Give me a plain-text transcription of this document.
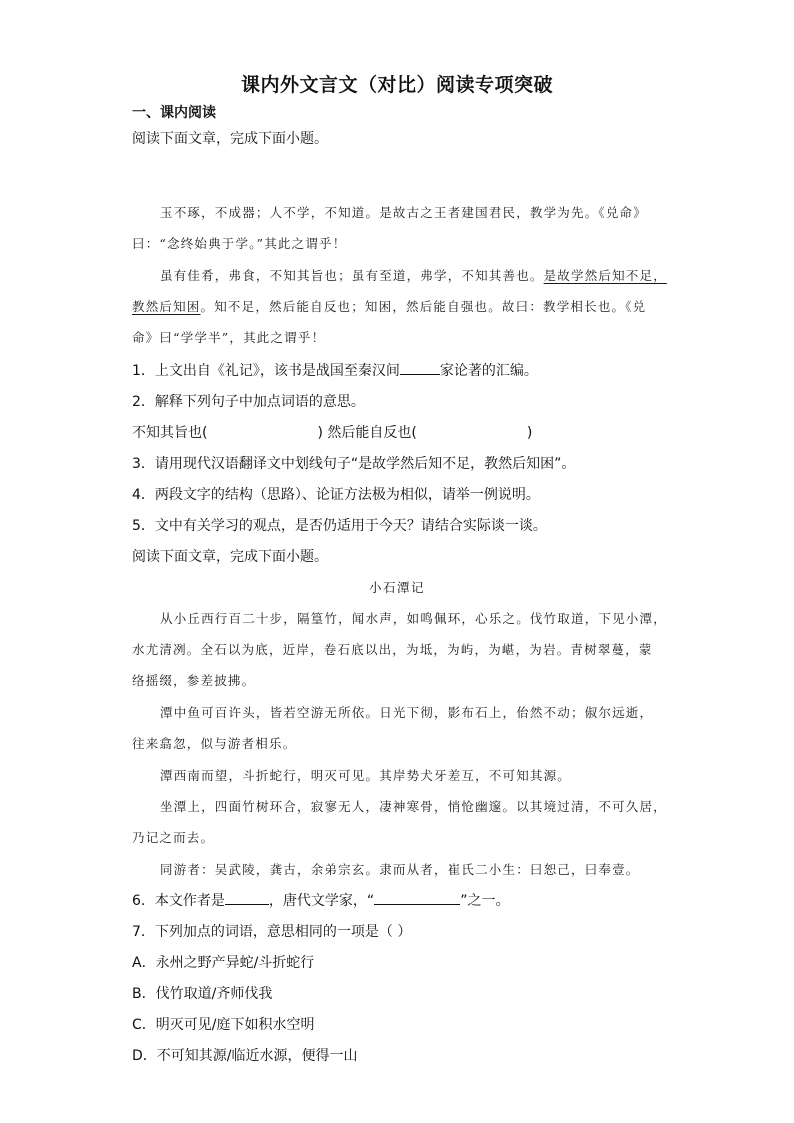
课内外文言文（对比）阅读专项突破
一、课内阅读
阅读下面文章，完成下面小题。
玉不琢，不成器；人不学，不知道。是故古之王者建国君民，教学为先。《兑命》
曰：“念终始典于学。”其此之谓乎！
虽有佳肴，弗食，不知其旨也；虽有至道，弗学，不知其善也。是故学然后知不足，
教然后知困。知不足，然后能自反也；知困，然后能自强也。故曰：教学相长也。《兑
命》曰“学学半”，其此之谓乎！
1．上文出自《礼记》，该书是战国至秦汉间	家论著的汇编。
2．解释下列句子中加点词语的意思。
不知其旨也(	) 然后能自反也(	)
3．请用现代汉语翻译文中划线句子“是故学然后知不足，教然后知困”。
4．两段文字的结构（思路）、论证方法极为相似，请举一例说明。
5．文中有关学习的观点，是否仍适用于今天？请结合实际谈一谈。
阅读下面文章，完成下面小题。
小石潭记
从小丘西行百二十步，隔篁竹，闻水声，如鸣佩环，心乐之。伐竹取道，下见小潭，
水尤清冽。全石以为底，近岸，卷石底以出，为坻，为屿，为嵁，为岩。青树翠蔓，蒙
络摇缀，参差披拂。
潭中鱼可百许头，皆若空游无所依。日光下彻，影布石上，佁然不动；俶尔远逝，
往来翕忽，似与游者相乐。
潭西南而望，斗折蛇行，明灭可见。其岸势犬牙差互，不可知其源。
坐潭上，四面竹树环合，寂寥无人，凄神寒骨，悄怆幽邃。以其境过清，不可久居，
乃记之而去。
同游者：吴武陵，龚古，余弟宗玄。隶而从者，崔氏二小生：曰恕己，曰奉壹。
6．本文作者是	，唐代文学家，“	”之一。
7．下列加点的词语，意思相同的一项是（ ）
A．永州之野产异蛇/斗折蛇行
B．伐竹取道/齐师伐我
C．明灭可见/庭下如积水空明
D．不可知其源/临近水源，便得一山
